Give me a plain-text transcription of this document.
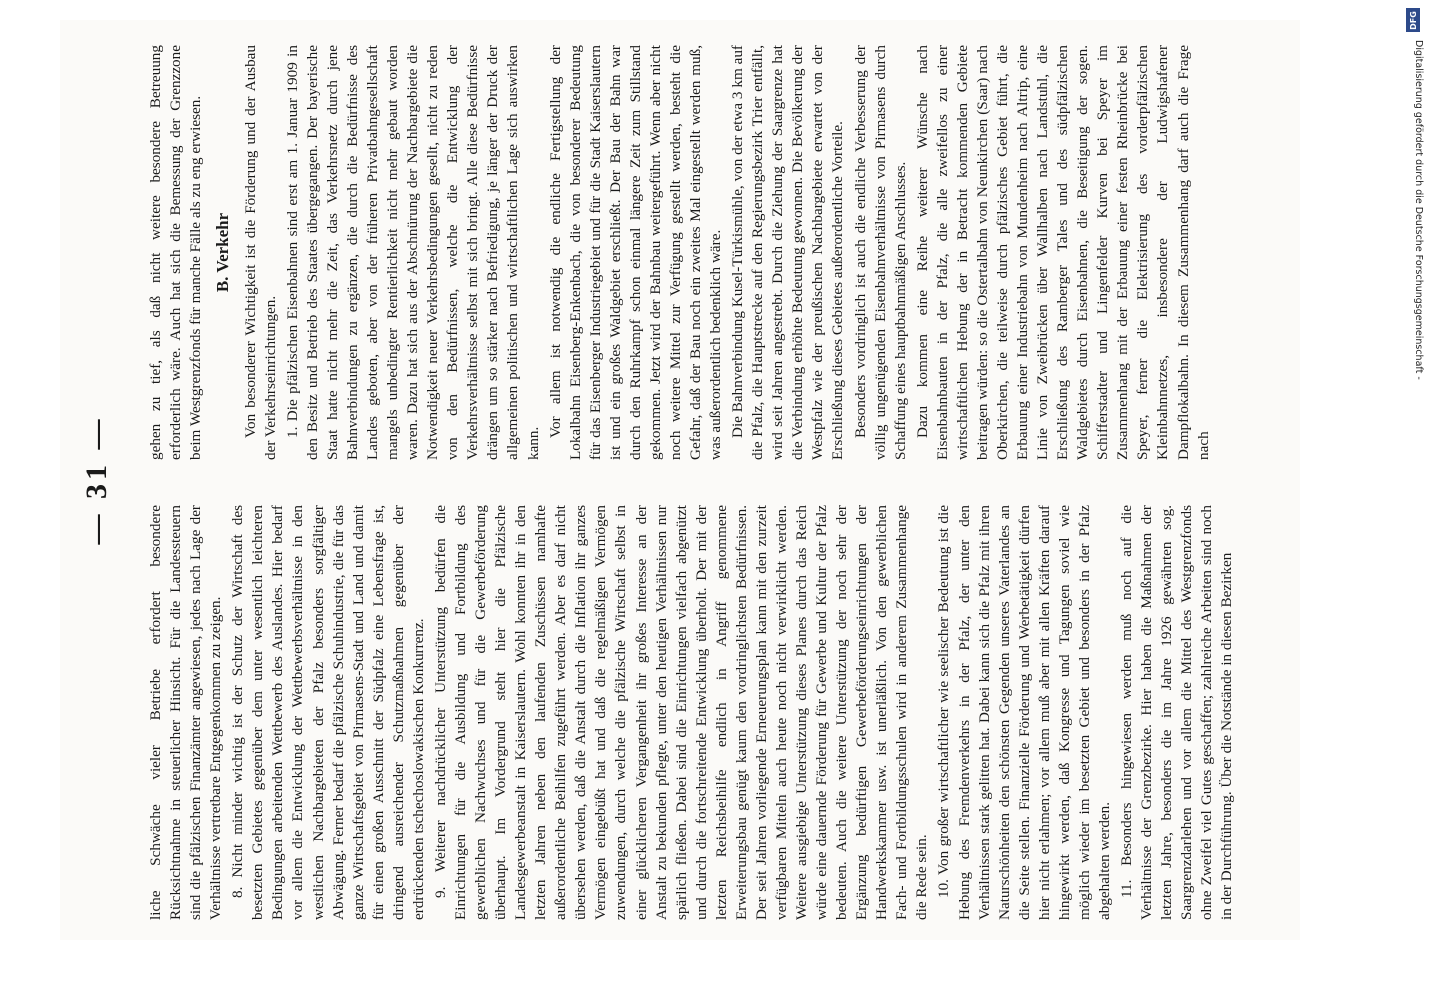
— 31 —

liche Schwäche vieler Betriebe erfordert besondere Rücksichtnahme in steuerlicher Hinsicht. Für die Landessteuern sind die pfälzischen Finanzämter angewiesen, jedes nach Lage der Verhältnisse vertretbare Entgegenkommen zu zeigen. 8. Nicht minder wichtig ist der Schutz der Wirtschaft des besetzten Gebietes gegenüber dem unter wesentlich leichteren Bedingungen arbeitenden Wettbewerb des Auslandes. Hier bedarf vor allem die Entwicklung der Wettbewerbsverhältnisse in den westlichen Nachbargebieten der Pfalz besonders sorgfältiger Abwägung. Ferner bedarf die pfälzische Schuhindustrie, die für das ganze Wirtschaftsgebiet von Pirmasens-Stadt und Land und damit für einen großen Ausschnitt der Südpfalz eine Lebensfrage ist, dringend ausreichender Schutzmaßnahmen gegenüber der erdrückenden tschechoslowakischen Konkurrenz. 9. Weiterer nachdrücklicher Unterstützung bedürfen die Einrichtungen für die Ausbildung und Fortbildung des gewerblichen Nachwuchses und für die Gewerbeförderung überhaupt. Im Vordergrund steht hier die Pfälzische Landesgewerbeanstalt in Kaiserslautern. Wohl konnten ihr in den letzten Jahren neben den laufenden Zuschüssen namhafte außerordentliche Beihilfen zugeführt werden. Aber es darf nicht übersehen werden, daß die Anstalt durch die Inflation ihr ganzes Vermögen eingebüßt hat und daß die regelmäßigen Vermögen zuwendungen, durch welche die pfälzische Wirtschaft selbst in einer glücklicheren Vergangenheit ihr großes Interesse an der Anstalt zu bekunden pflegte, unter den heutigen Verhältnissen nur spärlich fließen. Dabei sind die Einrichtungen vielfach abgenützt und durch die fortschreitende Entwicklung überholt. Der mit der letzten Reichsbeihilfe endlich in Angriff genommene Erweiterungsbau genügt kaum den vordringlichsten Bedürfnissen. Der seit Jahren vorliegende Erneuerungsplan kann mit den zurzeit verfügbaren Mitteln auch heute noch nicht verwirklicht werden. Weitere ausgiebige Unterstützung dieses Planes durch das Reich würde eine dauernde Förderung für Gewerbe und Kultur der Pfalz bedeuten. Auch die weitere Unterstützung der noch sehr der Ergänzung bedürftigen Gewerbeförderungseinrichtungen der Handwerkskammer usw. ist unerläßlich. Von den gewerblichen Fach- und Fortbildungsschulen wird in anderem Zusammenhange die Rede sein. 10. Von großer wirtschaftlicher wie seelischer Bedeutung ist die Hebung des Fremdenverkehrs in der Pfalz, der unter den Verhältnissen stark gelitten hat. Dabei kann sich die Pfalz mit ihren Naturschönheiten den schönsten Gegenden unseres Vaterlandes an die Seite stellen. Finanzielle Förderung und Werbetätigkeit dürfen hier nicht erlahmen; vor allem muß aber mit allen Kräften darauf hingewirkt werden, daß Kongresse und Tagungen soviel wie möglich wieder im besetzten Gebiet und besonders in der Pfalz abgehalten werden. 11. Besonders hingewiesen werden muß noch auf die Verhältnisse der Grenzbezirke. Hier haben die Maßnahmen der letzten Jahre, besonders die im Jahre 1926 gewährten sog. Saargrenzdarlehen und vor allem die Mittel des Westgrenzfonds ohne Zweifel viel Gutes geschaffen; zahlreiche Arbeiten sind noch in der Durchführung. Über die Notstände in diesen Bezirken

gehen zu tief, als daß nicht weitere besondere Betreuung erforderlich wäre. Auch hat sich die Bemessung der Grenzzone beim Westgrenzfonds für manche Fälle als zu eng erwiesen. B. Verkehr Von besonderer Wichtigkeit ist die Förderung und der Ausbau der Verkehrseinrichtungen. 1. Die pfälzischen Eisenbahnen sind erst am 1. Januar 1909 in den Besitz und Betrieb des Staates übergegangen. Der bayerische Staat hatte nicht mehr die Zeit, das Verkehrsnetz durch jene Bahnverbindungen zu ergänzen, die durch die Bedürfnisse des Landes geboten, aber von der früheren Privatbahngesellschaft mangels unbedingter Rentierlichkeit nicht mehr gebaut worden waren. Dazu hat sich aus der Abschnürung der Nachbargebiete die Notwendigkeit neuer Verkehrsbedingungen gesellt, nicht zu reden von den Bedürfnissen, welche die Entwicklung der Verkehrsverhältnisse selbst mit sich bringt. Alle diese Bedürfnisse drängen um so stärker nach Befriedigung, je länger der Druck der allgemeinen politischen und wirtschaftlichen Lage sich auswirken kann.

Vor allem ist notwendig die endliche Fertigstellung der Lokalbahn Eisenberg-Enkenbach, die von besonderer Bedeutung für das Eisenberger Industriegebiet und für die Stadt Kaiserslautern ist und ein großes Waldgebiet erschließt. Der Bau der Bahn war durch den Ruhrkampf schon einmal längere Zeit zum Stillstand gekommen. Jetzt wird der Bahnbau weitergeführt. Wenn aber nicht noch weitere Mittel zur Verfügung gestellt werden, besteht die Gefahr, daß der Bau noch ein zweites Mal eingestellt werden muß, was außerordentlich bedenklich wäre. Die Bahnverbindung Kusel-Türkismühle, von der etwa 3 km auf die Pfalz, die Hauptstrecke auf den Regierungsbezirk Trier entfällt, wird seit Jahren angestrebt. Durch die Ziehung der Saargrenze hat die Verbindung erhöhte Bedeutung gewonnen. Die Bevölkerung der Westpfalz wie der preußischen Nachbargebiete erwartet von der Erschließung dieses Gebietes außerordentliche Vorteile. Besonders vordringlich ist auch die endliche Verbesserung der völlig ungenügenden Eisenbahnverhältnisse von Pirmasens durch Schaffung eines hauptbahnmäßigen Anschlusses. Dazu kommen eine Reihe weiterer Wünsche nach Eisenbahnbauten in der Pfalz, die alle zweifellos zu einer wirtschaftlichen Hebung der in Betracht kommenden Gebiete beitragen würden: so die Ostertalbahn von Neunkirchen (Saar) nach Oberkirchen, die teilweise durch pfälzisches Gebiet führt, die Erbauung einer Industriebahn von Mundenheim nach Altrip, eine Linie von Zweibrücken über Wallhalben nach Landstuhl, die Erschließung des Ramberger Tales und des südpfälzischen Waldgebietes durch Eisenbahnen, die Beseitigung der sogen. Schifferstadter und Lingenfelder Kurven bei Speyer im Zusammenhang mit der Erbauung einer festen Rheinbrücke bei Speyer, ferner die Elektrisierung des vorderpfälzischen Kleinbahnnetzes, insbesondere der Ludwigshafener Dampflokalbahn. In diesem Zusammenhang darf auch die Frage nach

DFG
Digitalisierung gefördert durch die Deutsche Forschungsgemeinschaft -
